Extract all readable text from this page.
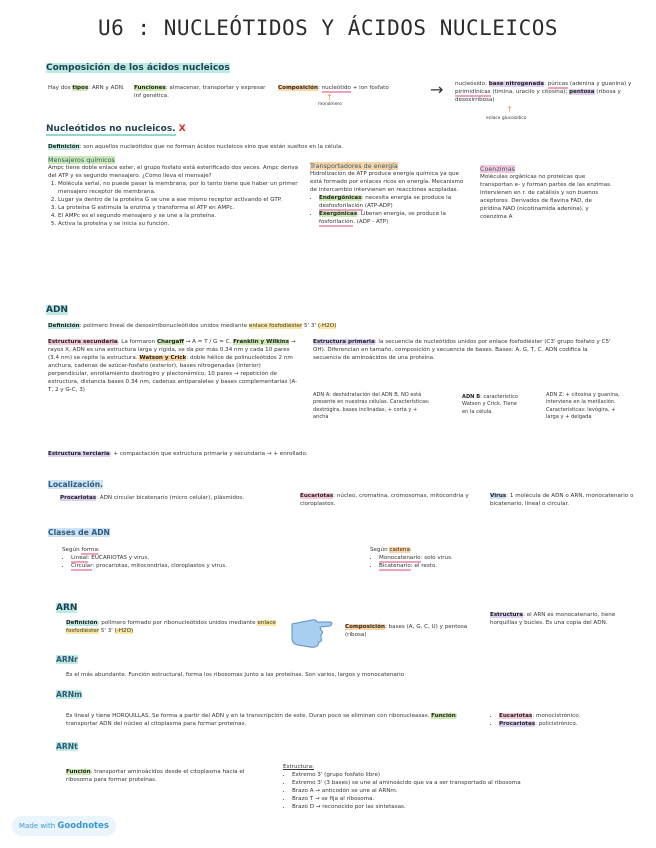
U6 : NUCLEÓTIDOS Y ÁCIDOS NUCLEICOS
Composición de los ácidos nucleicos
Hay dos tipos: ARN y ADN.	Funciones: almacenar, transportar y expresar inf genética.
Composición: nucleótido + ion fosfato
↑
monómero
→ nucleósido: base nitrogenada: púricas (adenina y guanina) y pirimidínicas (timina, uracilo y citosina); pentosa (ribosa y desoxirribosa)
↑
enlace glucosídico
Nucleótidos no nucleicos. X
Definición: son aquellos nucleótidos que no forman ácidos nucleicos sino que están sueltos en la célula.
Mensajeros químicos
Ampc tiene doble enlace ester, el grupo fosfato está esterificado dos veces. Ampc deriva del ATP y es segundo mensajero. ¿Cómo lleva el mensaje?
1. Molécula señal, no puede pasar la membrana, por lo tanto tiene que haber un primer mensajero receptor de membrana.
2. Lugar ya dentro de la proteína G se une a ese mismo receptor activando el GTP.
3. La proteína G estimula la enzima y transforma el ATP en AMPc.
4. El AMPc es el segundo mensajero y se une a la proteína.
5. Activa la proteína y se inicia su función.
Transportadores de energía
Hidrolización de ATP produce energía química ya que está formado por enlaces ricos en energía. Mecanismo de intercambio intervienen en reacciones acopladas.
• Endergónicas: necesita energía se produce la desfosforilación (ATP-ADP)
• Exergónicas: Liberan energía, se produce la fosforilación. (ADP - ATP)
Coenzimas
Moléculas orgánicas no proteicas que transportan e- y forman partes de las enzimas. Intervienen en r. de catálisis y son buenos aceptores. Derivados de flavina FAD, de piridina NAD (nicotinamida adenina), y coenzima A
ADN
Definición: polímero lineal de desoxirribonucleótidos unidos mediante enlace fosfodiéster 5' 3' (-H2O)
Estructura secundaria. La formaron Chargaff → A = T / G = C. Franklin y Wilkins → rayos X, ADN es una estructura larga y rígida, se da por más 0.34 nm y cada 10 pares (3.4 nm) se repite la estructura. Watson y Crick: doble hélice de polinucleótidos 2 nm anchura, cadenas de azúcar-fosfato (exterior), bases nitrogenadas (interior) perpendicular, enrollamiento dextrógiro y plectonémico, 10 pares → repetición de estructura, distancia bases 0.34 nm, cadenas antiparalelas y bases complementarias (A-T, 2 y G-C, 3)
Estructura primaria: la secuencia de nucleótidos unidos por enlace fosfodiéster (C3' grupo fosfato y C5' OH). Diferencian en tamaño, composición y secuencia de bases. Bases: A, G, T, C. ADN codifica la secuencia de aminoácidos de una proteína.
ADN A: deshidratación del ADN B, NO está presente en nuestras células. Características: dextrógira, bases inclinadas, + corta y + ancha
ADN B: característico Watson y Crick. Tiene en la célula.
ADN Z: + citosina y guanina, interviene en la metilación. Características: levógira, + larga y + delgada
Estructura terciaria: + compactación que estructura primaria y secundaria → + enrollado.
Localización.
Procariotas: ADN circular bicatenario (micro celular), plásmidos.	Eucariotas: núcleo, cromatina, cromosomas, mitocondria y cloroplastos.
Virus: 1 molécula de ADN o ARN, monocatenario o bicatenario, lineal o circular.
Clases de ADN
Según forma:
• Lineal: EUCARIOTAS y virus.
• Circular: procariotas, mitocondrias, cloroplastos y virus.
Según cadena:
• Monocatenario: solo virus.
• Bicatenario: el resto.
ARN
Definición: polímero formado por ribonucleótidos unidos mediante enlace fosfodiéster 5' 3' (-H2O)
Composición: bases (A, G, C, U) y pentosa (ribosa)
Estructura: el ARN es monocatenario, tiene horquillas y bucles. Es una copia del ADN.
ARNr
Es el más abundante. Función estructural, forma los ribosomas junto a las proteínas. Son varios, largos y monocatenario
ARNm
Es lineal y tiene HORQUILLAS. Se forma a partir del ADN y en la transcripción de este. Duran poco se eliminan con ribonucleasas. Función: transportar ADN del núcleo al citoplasma para formar proteínas.
• Eucariotas: monocistrónico.
• Procariotas: policistrónico.
ARNt
Función: transportar aminoácidos desde el citoplasma hacia el ribosoma para formar proteínas.
Estructura:
• Extremo 3' (grupo fosfato libre)
• Extremo 3' (3 bases) se une al aminoácido que va a ser transportado al ribosoma
• Brazo A → anticodón se une al ARNm.
• Brazo T → se fija al ribosoma.
• Brazo D → reconocido por las sintetasas.
Made with Goodnotes
